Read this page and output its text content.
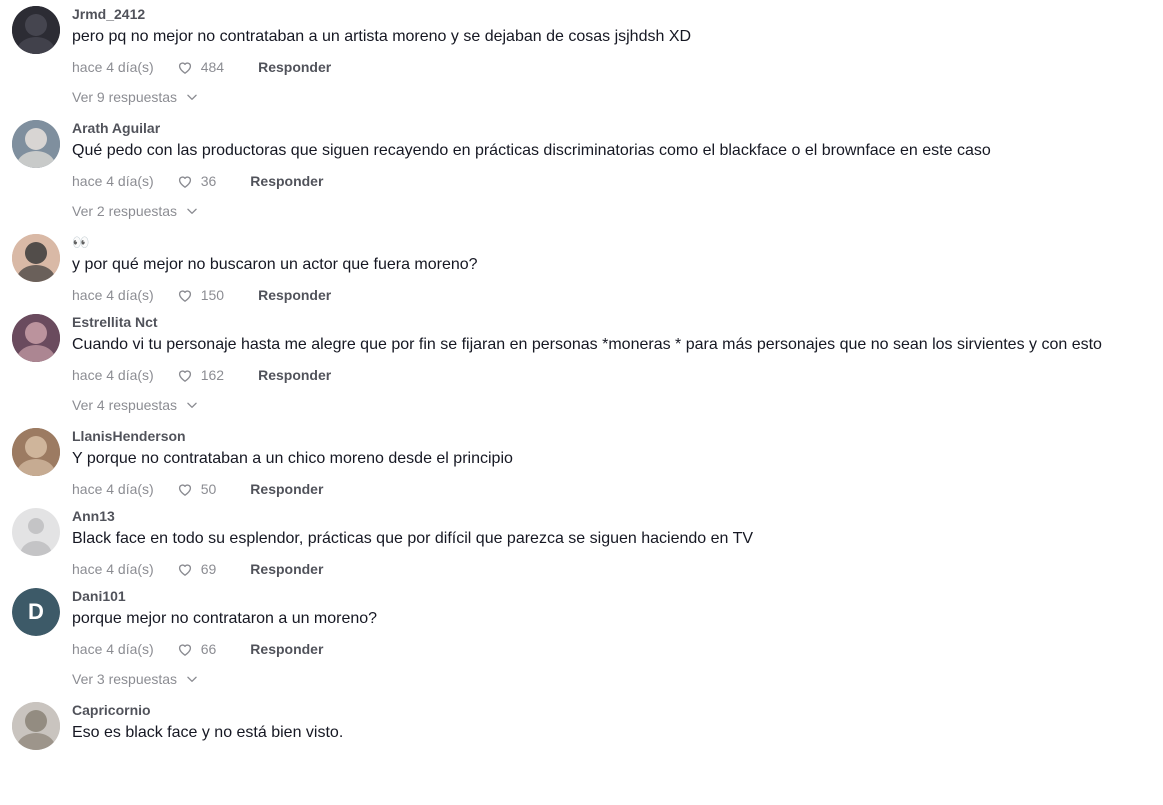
Jrmd_2412

pero pq no mejor no contrataban a un artista moreno y se dejaban de cosas jsjhdsh XD

hace 4 día(s)	484 Responder
Ver 9 respuestas
Arath Aguilar

Qué pedo con las productoras que siguen recayendo en prácticas discriminatorias como el blackface o el brownface en este caso

hace 4 día(s)	36 Responder
Ver 2 respuestas
👀

y por qué mejor no buscaron un actor que fuera moreno?

hace 4 día(s)	150 Responder
Estrellita Nct

Cuando vi tu personaje hasta me alegre que por fin se fijaran en personas *moneras * para más personajes que no sean los sirvientes y con esto

hace 4 día(s)	162 Responder
Ver 4 respuestas
LlanisHenderson

Y porque no contrataban a un chico moreno desde el principio

hace 4 día(s)	50 Responder
Ann13

Black face en todo su esplendor, prácticas que por difícil que parezca se siguen haciendo en TV

hace 4 día(s)	69 Responder
D
Dani101

porque mejor no contrataron a un moreno?

hace 4 día(s)	66 Responder
Ver 3 respuestas
Capricornio

Eso es black face y no está bien visto.
